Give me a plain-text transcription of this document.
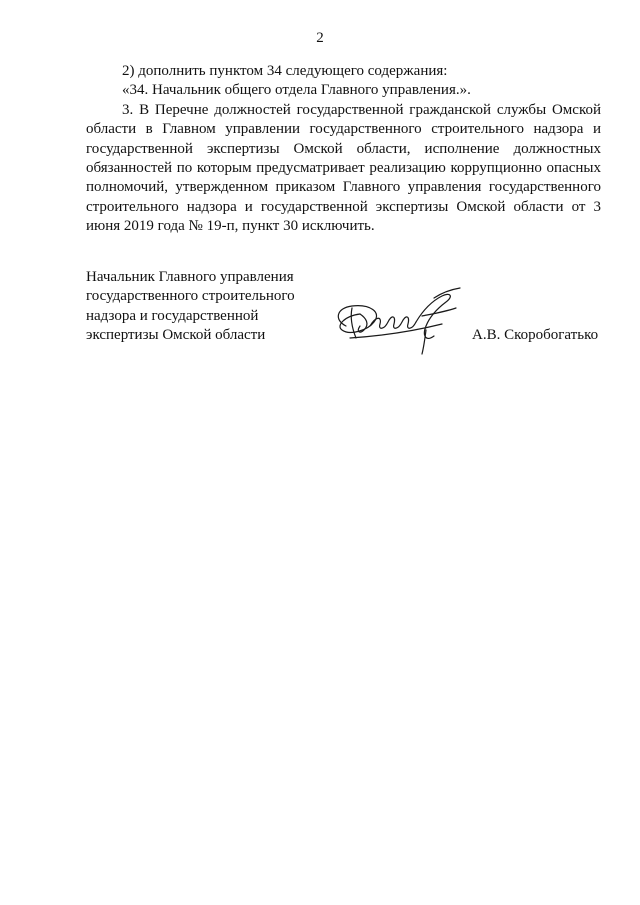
2

2) дополнить пунктом 34 следующего содержания:

«34. Начальник общего отдела Главного управления.».

3. В Перечне должностей государственной гражданской службы Омской области в Главном управлении государственного строительного надзора и государственной экспертизы Омской области, исполнение должностных обязанностей по которым предусматривает реализацию коррупционно опасных полномочий, утвержденном приказом Главного управления государственного строительного надзора и государственной экспертизы Омской области от 3 июня 2019 года № 19-п, пункт 30 исключить.

Начальник Главного управления
государственного строительного
надзора и государственной
экспертизы Омской области	А.В. Скоробогатько
